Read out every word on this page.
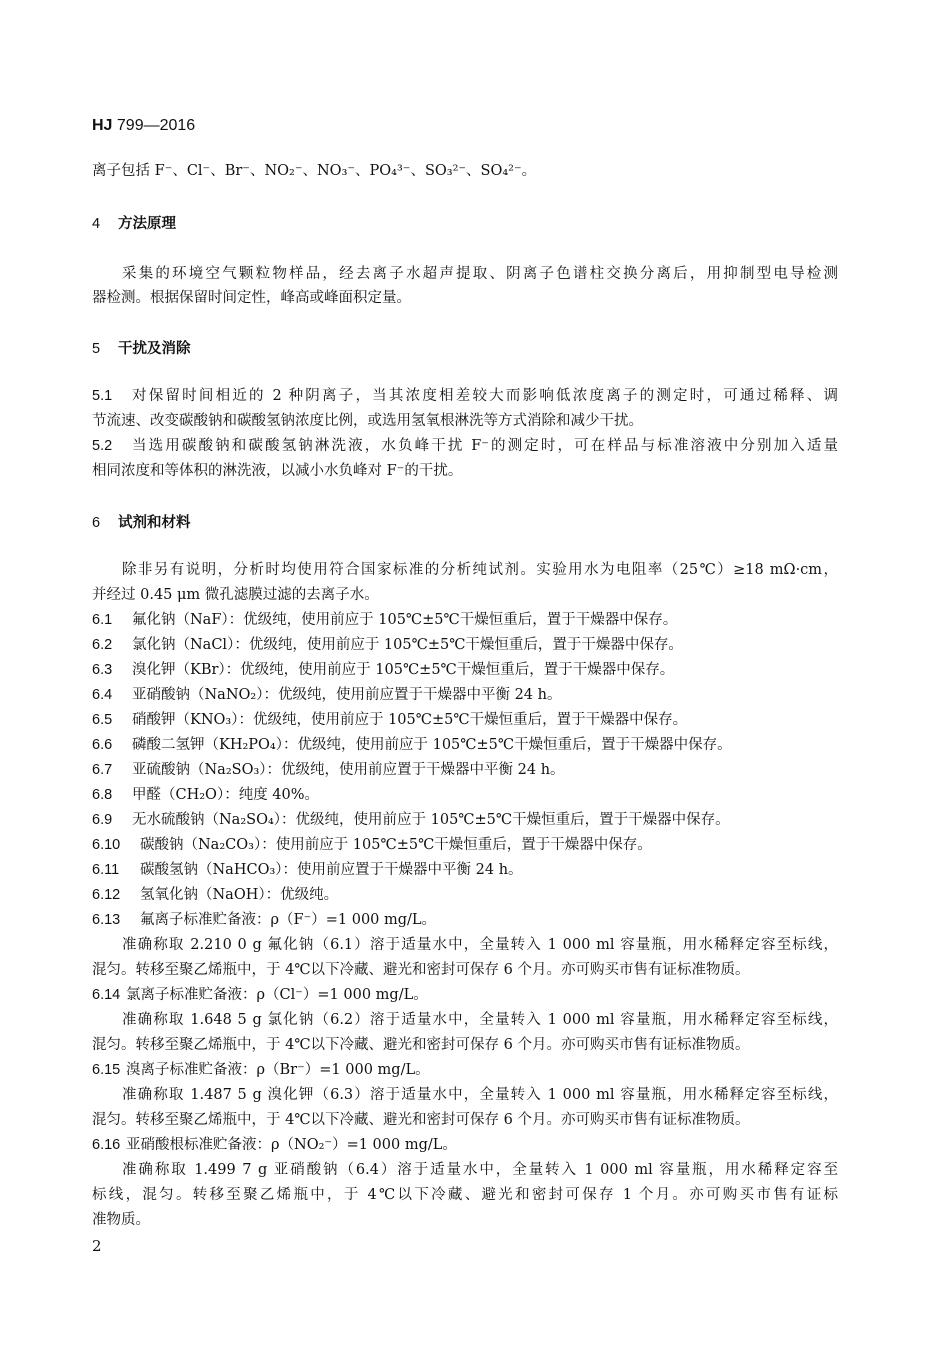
HJ 799—2016
离子包括 F⁻、Cl⁻、Br⁻、NO₂⁻、NO₃⁻、PO₄³⁻、SO₃²⁻、SO₄²⁻。
4 方法原理
采集的环境空气颗粒物样品，经去离子水超声提取、阴离子色谱柱交换分离后，用抑制型电导检测
器检测。根据保留时间定性，峰高或峰面积定量。
5 干扰及消除
5.1 对保留时间相近的 2 种阴离子，当其浓度相差较大而影响低浓度离子的测定时，可通过稀释、调
节流速、改变碳酸钠和碳酸氢钠浓度比例，或选用氢氧根淋洗等方式消除和减少干扰。
5.2 当选用碳酸钠和碳酸氢钠淋洗液，水负峰干扰 F⁻的测定时，可在样品与标准溶液中分别加入适量
相同浓度和等体积的淋洗液，以减小水负峰对 F⁻的干扰。
6 试剂和材料
除非另有说明，分析时均使用符合国家标准的分析纯试剂。实验用水为电阻率（25℃）≥18 mΩ·cm，
并经过 0.45 μm 微孔滤膜过滤的去离子水。
6.1 氟化钠（NaF）：优级纯，使用前应于 105℃±5℃干燥恒重后，置于干燥器中保存。
6.2 氯化钠（NaCl）：优级纯，使用前应于 105℃±5℃干燥恒重后，置于干燥器中保存。
6.3 溴化钾（KBr）：优级纯，使用前应于 105℃±5℃干燥恒重后，置于干燥器中保存。
6.4 亚硝酸钠（NaNO₂）：优级纯，使用前应置于干燥器中平衡 24 h。
6.5 硝酸钾（KNO₃）：优级纯，使用前应于 105℃±5℃干燥恒重后，置于干燥器中保存。
6.6 磷酸二氢钾（KH₂PO₄）：优级纯，使用前应于 105℃±5℃干燥恒重后，置于干燥器中保存。
6.7 亚硫酸钠（Na₂SO₃）：优级纯，使用前应置于干燥器中平衡 24 h。
6.8 甲醛（CH₂O）：纯度 40%。
6.9 无水硫酸钠（Na₂SO₄）：优级纯，使用前应于 105℃±5℃干燥恒重后，置于干燥器中保存。
6.10 碳酸钠（Na₂CO₃）：使用前应于 105℃±5℃干燥恒重后，置于干燥器中保存。
6.11 碳酸氢钠（NaHCO₃）：使用前应置于干燥器中平衡 24 h。
6.12 氢氧化钠（NaOH）：优级纯。
6.13 氟离子标准贮备液：ρ（F⁻）=1 000 mg/L。
准确称取 2.210 0 g 氟化钠（6.1）溶于适量水中，全量转入 1 000 ml 容量瓶，用水稀释定容至标线，
混匀。转移至聚乙烯瓶中，于 4℃以下冷藏、避光和密封可保存 6 个月。亦可购买市售有证标准物质。
6.14 氯离子标准贮备液：ρ（Cl⁻）=1 000 mg/L。
准确称取 1.648 5 g 氯化钠（6.2）溶于适量水中，全量转入 1 000 ml 容量瓶，用水稀释定容至标线，
混匀。转移至聚乙烯瓶中，于 4℃以下冷藏、避光和密封可保存 6 个月。亦可购买市售有证标准物质。
6.15 溴离子标准贮备液：ρ（Br⁻）=1 000 mg/L。
准确称取 1.487 5 g 溴化钾（6.3）溶于适量水中，全量转入 1 000 ml 容量瓶，用水稀释定容至标线，
混匀。转移至聚乙烯瓶中，于 4℃以下冷藏、避光和密封可保存 6 个月。亦可购买市售有证标准物质。
6.16 亚硝酸根标准贮备液：ρ（NO₂⁻）=1 000 mg/L。
准确称取 1.499 7 g 亚硝酸钠（6.4）溶于适量水中，全量转入 1 000 ml 容量瓶，用水稀释定容至
标线，混匀。转移至聚乙烯瓶中，于 4℃以下冷藏、避光和密封可保存 1 个月。亦可购买市售有证标
准物质。
2
